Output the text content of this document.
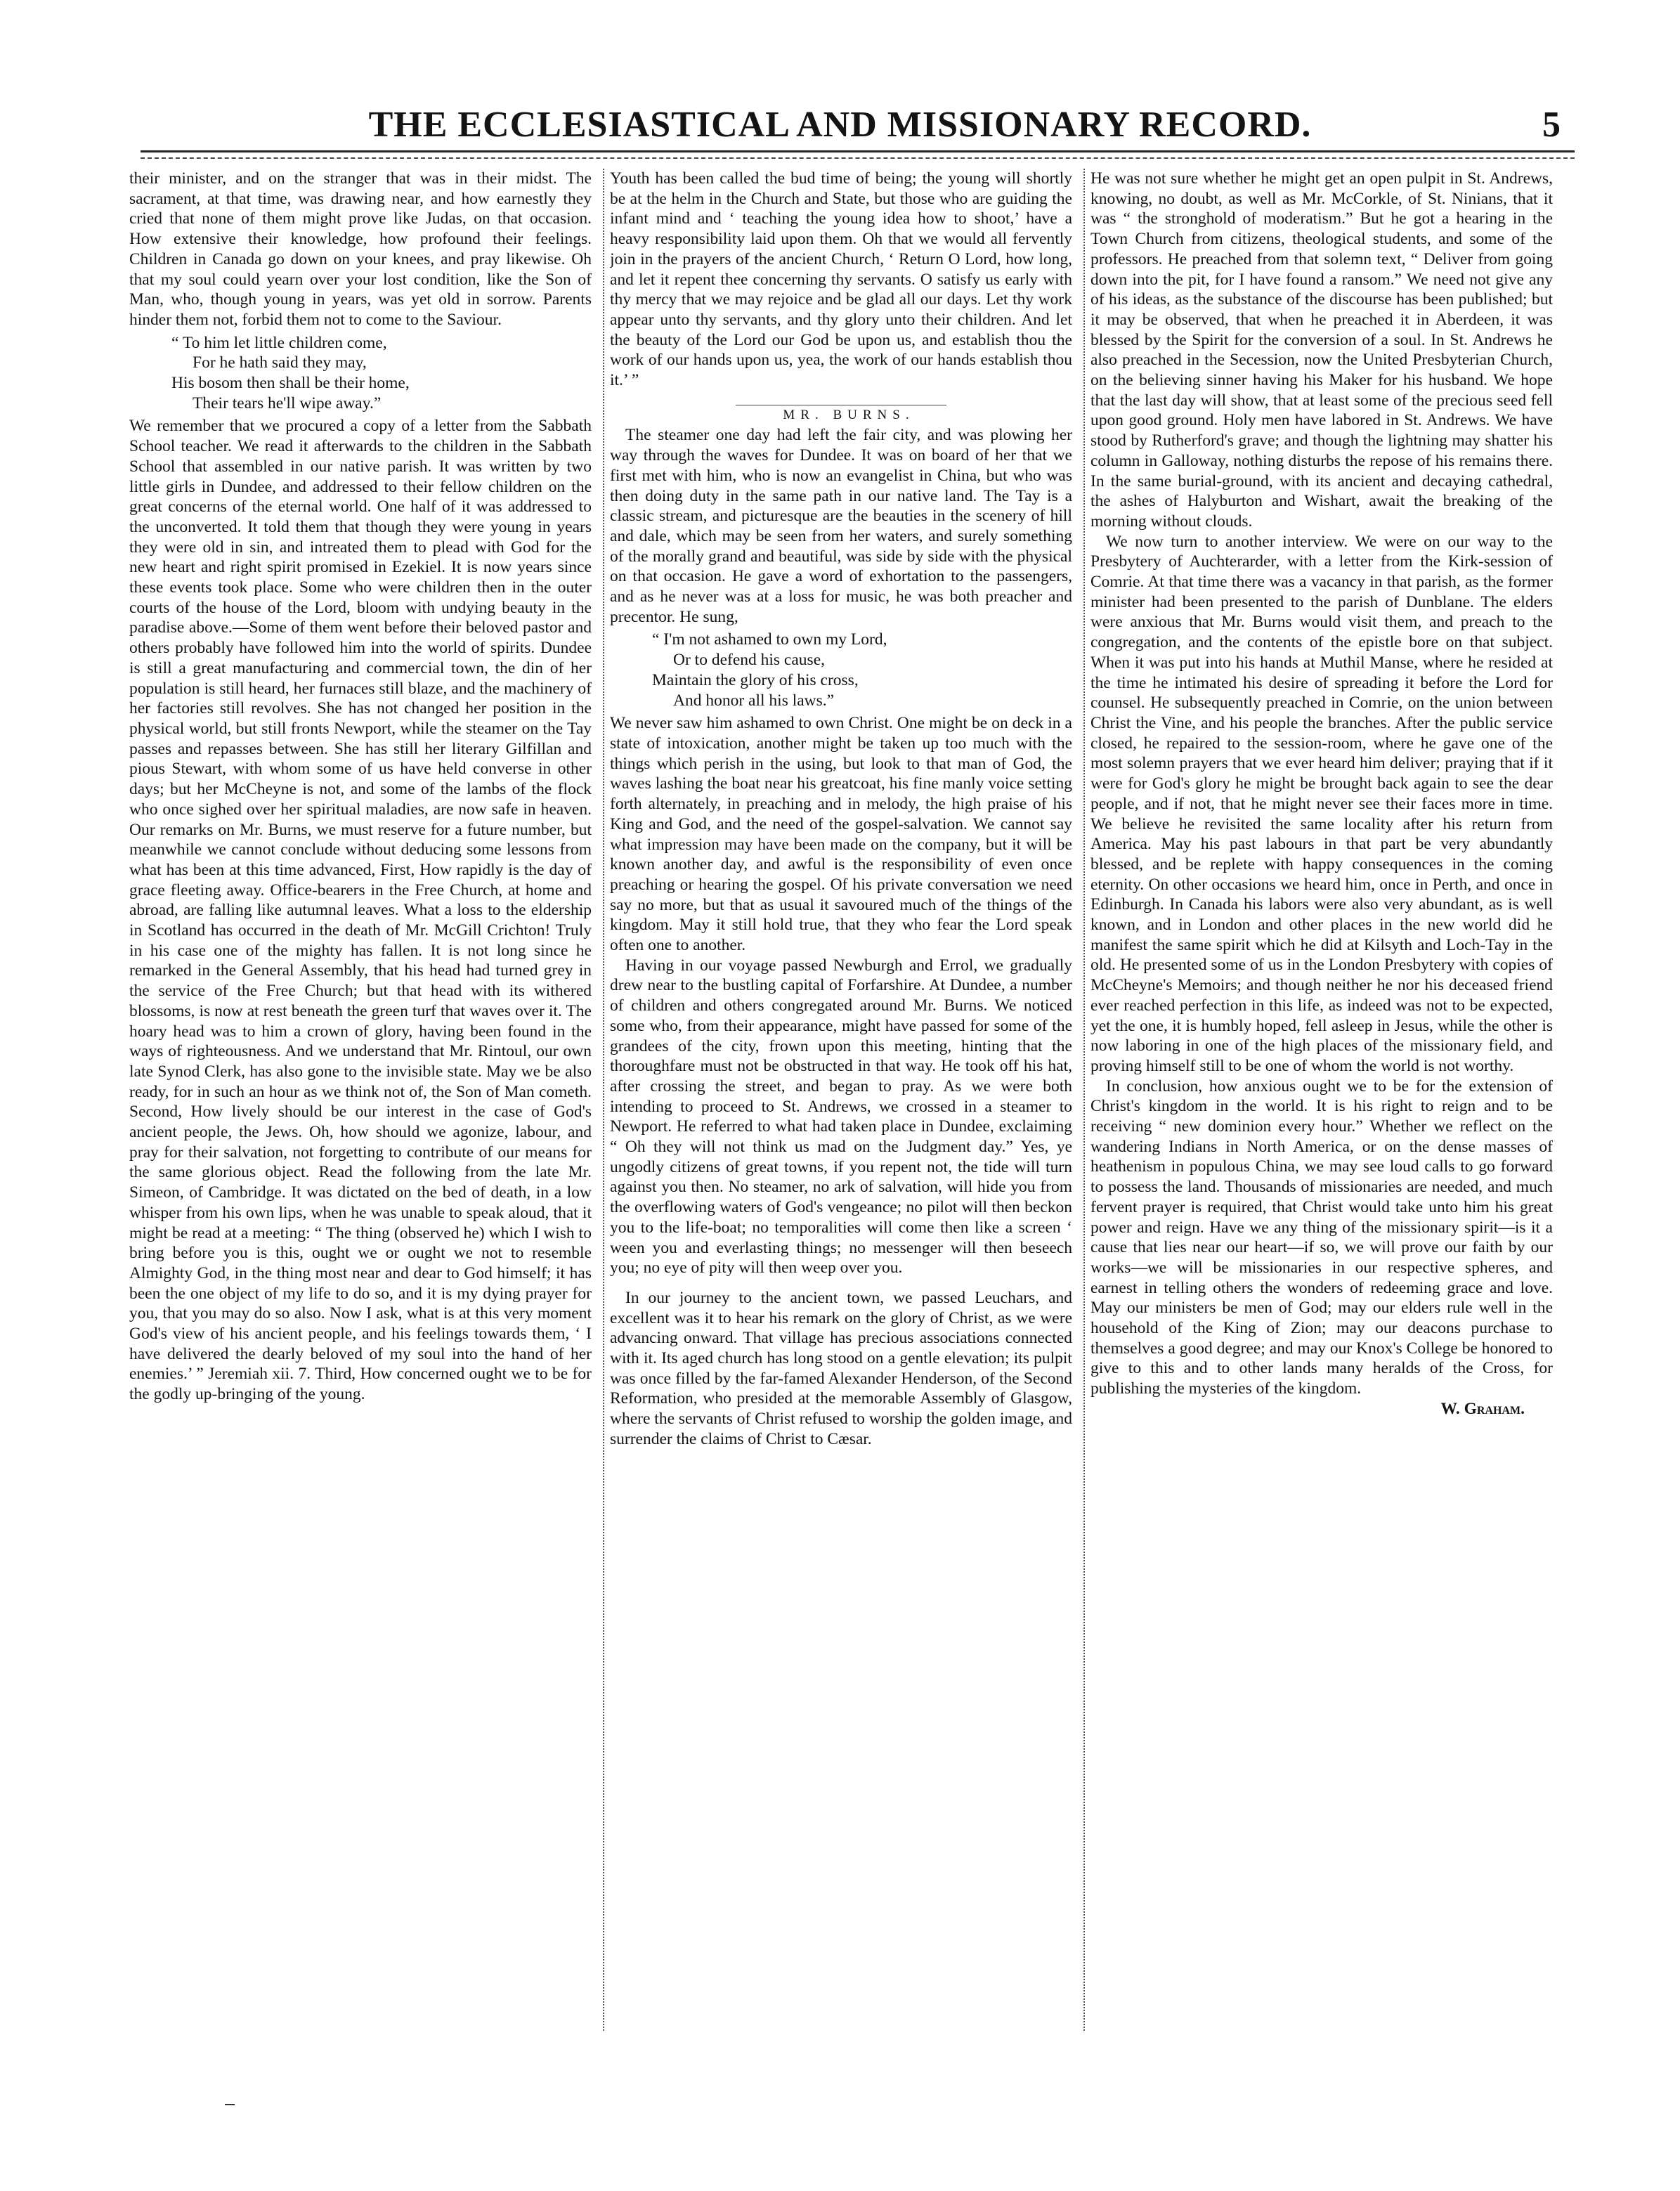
THE ECCLESIASTICAL AND MISSIONARY RECORD.	5

their minister, and on the stranger that was in their midst. The sacrament, at that time, was drawing near, and how earnestly they cried that none of them might prove like Judas, on that occasion. How extensive their knowledge, how profound their feelings. Children in Canada go down on your knees, and pray likewise. Oh that my soul could yearn over your lost condition, like the Son of Man, who, though young in years, was yet old in sorrow. Parents hinder them not, forbid them not to come to the Saviour.

“ To him let little children come,
For he hath said they may,
His bosom then shall be their home,
Their tears he'll wipe away.”

We remember that we procured a copy of a letter from the Sabbath School teacher. We read it afterwards to the children in the Sabbath School that assembled in our native parish. It was written by two little girls in Dundee, and addressed to their fellow children on the great concerns of the eternal world. One half of it was addressed to the unconverted. It told them that though they were young in years they were old in sin, and intreated them to plead with God for the new heart and right spirit promised in Ezekiel. It is now years since these events took place. Some who were children then in the outer courts of the house of the Lord, bloom with undying beauty in the paradise above.—Some of them went before their beloved pastor and others probably have followed him into the world of spirits. Dundee is still a great manufacturing and commercial town, the din of her population is still heard, her furnaces still blaze, and the machinery of her factories still revolves. She has not changed her position in the physical world, but still fronts Newport, while the steamer on the Tay passes and repasses between. She has still her literary Gilfillan and pious Stewart, with whom some of us have held converse in other days; but her McCheyne is not, and some of the lambs of the flock who once sighed over her spiritual maladies, are now safe in heaven. Our remarks on Mr. Burns, we must reserve for a future number, but meanwhile we cannot conclude without deducing some lessons from what has been at this time advanced, First, How rapidly is the day of grace fleeting away. Office-bearers in the Free Church, at home and abroad, are falling like autumnal leaves. What a loss to the eldership in Scotland has occurred in the death of Mr. McGill Crichton! Truly in his case one of the mighty has fallen. It is not long since he remarked in the General Assembly, that his head had turned grey in the service of the Free Church; but that head with its withered blossoms, is now at rest beneath the green turf that waves over it. The hoary head was to him a crown of glory, having been found in the ways of righteousness. And we understand that Mr. Rintoul, our own late Synod Clerk, has also gone to the invisible state. May we be also ready, for in such an hour as we think not of, the Son of Man cometh. Second, How lively should be our interest in the case of God's ancient people, the Jews. Oh, how should we agonize, labour, and pray for their salvation, not forgetting to contribute of our means for the same glorious object. Read the following from the late Mr. Simeon, of Cambridge. It was dictated on the bed of death, in a low whisper from his own lips, when he was unable to speak aloud, that it might be read at a meeting: “ The thing (observed he) which I wish to bring before you is this, ought we or ought we not to resemble Almighty God, in the thing most near and dear to God himself; it has been the one object of my life to do so, and it is my dying prayer for you, that you may do so also. Now I ask, what is at this very moment God's view of his ancient people, and his feelings towards them, ‘ I have delivered the dearly beloved of my soul into the hand of her enemies.’ ” Jeremiah xii. 7. Third, How concerned ought we to be for the godly up-bringing of the young.

Youth has been called the bud time of being; the young will shortly be at the helm in the Church and State, but those who are guiding the infant mind and ‘ teaching the young idea how to shoot,’ have a heavy responsibility laid upon them. Oh that we would all fervently join in the prayers of the ancient Church, ‘ Return O Lord, how long, and let it repent thee concerning thy servants. O satisfy us early with thy mercy that we may rejoice and be glad all our days. Let thy work appear unto thy servants, and thy glory unto their children. And let the beauty of the Lord our God be upon us, and establish thou the work of our hands upon us, yea, the work of our hands establish thou it.’ ”

MR. BURNS.

The steamer one day had left the fair city, and was plowing her way through the waves for Dundee. It was on board of her that we first met with him, who is now an evangelist in China, but who was then doing duty in the same path in our native land. The Tay is a classic stream, and picturesque are the beauties in the scenery of hill and dale, which may be seen from her waters, and surely something of the morally grand and beautiful, was side by side with the physical on that occasion. He gave a word of exhortation to the passengers, and as he never was at a loss for music, he was both preacher and precentor. He sung,

“ I'm not ashamed to own my Lord,
Or to defend his cause,
Maintain the glory of his cross,
And honor all his laws.”

We never saw him ashamed to own Christ. One might be on deck in a state of intoxication, another might be taken up too much with the things which perish in the using, but look to that man of God, the waves lashing the boat near his greatcoat, his fine manly voice setting forth alternately, in preaching and in melody, the high praise of his King and God, and the need of the gospel-salvation. We cannot say what impression may have been made on the company, but it will be known another day, and awful is the responsibility of even once preaching or hearing the gospel. Of his private conversation we need say no more, but that as usual it savoured much of the things of the kingdom. May it still hold true, that they who fear the Lord speak often one to another.

Having in our voyage passed Newburgh and Errol, we gradually drew near to the bustling capital of Forfarshire. At Dundee, a number of children and others congregated around Mr. Burns. We noticed some who, from their appearance, might have passed for some of the grandees of the city, frown upon this meeting, hinting that the thoroughfare must not be obstructed in that way. He took off his hat, after crossing the street, and began to pray. As we were both intending to proceed to St. Andrews, we crossed in a steamer to Newport. He referred to what had taken place in Dundee, exclaiming “ Oh they will not think us mad on the Judgment day.” Yes, ye ungodly citizens of great towns, if you repent not, the tide will turn against you then. No steamer, no ark of salvation, will hide you from the overflowing waters of God's vengeance; no pilot will then beckon you to the life-boat; no temporalities will come then like a screen ‘ ween you and everlasting things; no messenger will then beseech you; no eye of pity will then weep over you.

In our journey to the ancient town, we passed Leuchars, and excellent was it to hear his remark on the glory of Christ, as we were advancing onward. That village has precious associations connected with it. Its aged church has long stood on a gentle elevation; its pulpit was once filled by the far-famed Alexander Henderson, of the Second Reformation, who presided at the memorable Assembly of Glasgow, where the servants of Christ refused to worship the golden image, and surrender the claims of Christ to Cæsar.

He was not sure whether he might get an open pulpit in St. Andrews, knowing, no doubt, as well as Mr. McCorkle, of St. Ninians, that it was “ the stronghold of moderatism.” But he got a hearing in the Town Church from citizens, theological students, and some of the professors. He preached from that solemn text, “ Deliver from going down into the pit, for I have found a ransom.” We need not give any of his ideas, as the substance of the discourse has been published; but it may be observed, that when he preached it in Aberdeen, it was blessed by the Spirit for the conversion of a soul. In St. Andrews he also preached in the Secession, now the United Presbyterian Church, on the believing sinner having his Maker for his husband. We hope that the last day will show, that at least some of the precious seed fell upon good ground. Holy men have labored in St. Andrews. We have stood by Rutherford's grave; and though the lightning may shatter his column in Galloway, nothing disturbs the repose of his remains there. In the same burial-ground, with its ancient and decaying cathedral, the ashes of Halyburton and Wishart, await the breaking of the morning without clouds.

We now turn to another interview. We were on our way to the Presbytery of Auchterarder, with a letter from the Kirk-session of Comrie. At that time there was a vacancy in that parish, as the former minister had been presented to the parish of Dunblane. The elders were anxious that Mr. Burns would visit them, and preach to the congregation, and the contents of the epistle bore on that subject. When it was put into his hands at Muthil Manse, where he resided at the time he intimated his desire of spreading it before the Lord for counsel. He subsequently preached in Comrie, on the union between Christ the Vine, and his people the branches. After the public service closed, he repaired to the session-room, where he gave one of the most solemn prayers that we ever heard him deliver; praying that if it were for God's glory he might be brought back again to see the dear people, and if not, that he might never see their faces more in time. We believe he revisited the same locality after his return from America. May his past labours in that part be very abundantly blessed, and be replete with happy consequences in the coming eternity. On other occasions we heard him, once in Perth, and once in Edinburgh. In Canada his labors were also very abundant, as is well known, and in London and other places in the new world did he manifest the same spirit which he did at Kilsyth and Loch-Tay in the old. He presented some of us in the London Presbytery with copies of McCheyne's Memoirs; and though neither he nor his deceased friend ever reached perfection in this life, as indeed was not to be expected, yet the one, it is humbly hoped, fell asleep in Jesus, while the other is now laboring in one of the high places of the missionary field, and proving himself still to be one of whom the world is not worthy.

In conclusion, how anxious ought we to be for the extension of Christ's kingdom in the world. It is his right to reign and to be receiving “ new dominion every hour.” Whether we reflect on the wandering Indians in North America, or on the dense masses of heathenism in populous China, we may see loud calls to go forward to possess the land. Thousands of missionaries are needed, and much fervent prayer is required, that Christ would take unto him his great power and reign. Have we any thing of the missionary spirit—is it a cause that lies near our heart—if so, we will prove our faith by our works—we will be missionaries in our respective spheres, and earnest in telling others the wonders of redeeming grace and love. May our ministers be men of God; may our elders rule well in the household of the King of Zion; may our deacons purchase to themselves a good degree; and may our Knox's College be honored to give to this and to other lands many heralds of the Cross, for publishing the mysteries of the kingdom.

W. Graham.
